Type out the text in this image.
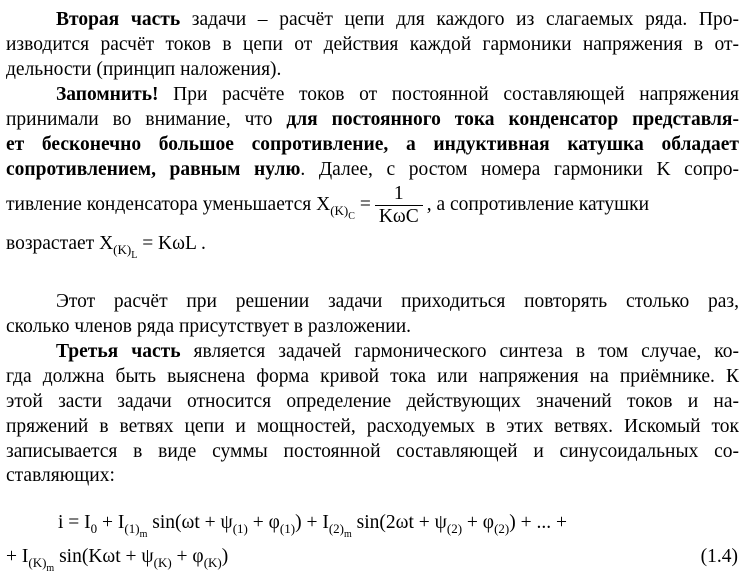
Вторая часть задачи – расчёт цепи для каждого из слагаемых ряда. Про-
изводится расчёт токов в цепи от действия каждой гармоники напряжения в от-
дельности (принцип наложения).
Запомнить! При расчёте токов от постоянной составляющей напряжения
принимали во внимание, что для постоянного тока конденсатор представля-
ет бесконечно большое сопротивление, а индуктивная катушка обладает
сопротивлением, равным нулю. Далее, с ростом номера гармоники K сопро-
тивление конденсатора уменьшается $X_{(K)_C} = \frac{1}{\text{KωC}}$ , а сопротивление катушки
возрастает $X_{(K)_L} = K\omega L$ .
Этот расчёт при решении задачи приходиться повторять столько раз,
сколько членов ряда присутствует в разложении.
Третья часть является задачей гармонического синтеза в том случае, ко-
гда должна быть выяснена форма кривой тока или напряжения на приёмнике. К
этой засти задачи относится определение действующих значений токов и на-
пряжений в ветвях цепи и мощностей, расходуемых в этих ветвях. Искомый ток
записывается в виде суммы постоянной составляющей и синусоидальных со-
ставляющих:
$i = I_0 + I_{(1)_m}$ $\sin(\omega t + \psi_{(1)} + \varphi_{(1)}) + I_{(2)_m}$ $\sin(2\omega t + \psi_{(2)} + \varphi_{(2)})$ + ... +
+ $I_{(K)_m}$ $\sin(K\omega t + \psi_{(K)} + \varphi_{(K)})$	(1.4)
